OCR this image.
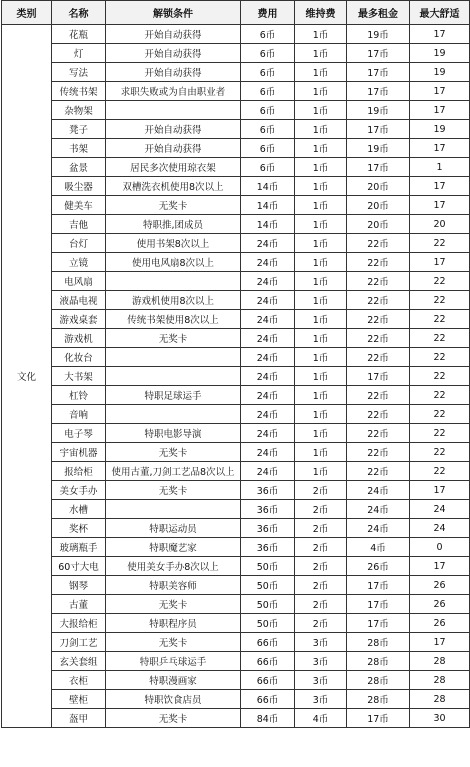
类别	名称	解锁条件	费用	维持费	最多租金	最大舒适
文化	花瓶	开始自动获得	6币	1币	19币	17
	灯	开始自动获得	6币	1币	17币	19
	写法	开始自动获得	6币	1币	17币	19
	传统书架	求职失败或为自由职业者	6币	1币	17币	17
	杂物架		6币	1币	19币	17
	凳子	开始自动获得	6币	1币	17币	19
	书架	开始自动获得	6币	1币	19币	17
	盆景	居民多次使用琼衣架	6币	1币	17币	1
	吸尘器	双槽洗衣机使用8次以上	14币	1币	20币	17
	健美车	无奖卡	14币	1币	20币	17
	吉他	特职推,团成员	14币	1币	20币	20
	台灯	使用书架8次以上	24币	1币	22币	22
	立镜	使用电风扇8次以上	24币	1币	22币	17
	电风扇		24币	1币	22币	22
	液晶电视	游戏机使用8次以上	24币	1币	22币	22
	游戏桌套	传统书架使用8次以上	24币	1币	22币	22
	游戏机	无奖卡	24币	1币	22币	22
	化妆台		24币	1币	22币	22
	大书架		24币	1币	17币	22
	杠铃	特职足球运手	24币	1币	22币	22
	音响		24币	1币	22币	22
	电子琴	特职电影导演	24币	1币	22币	22
	宇宙机器	无奖卡	24币	1币	22币	22
	报给柜	使用古董,刀剑工艺品8次以上	24币	1币	22币	22
	美女手办	无奖卡	36币	2币	24币	17
	水槽		36币	2币	24币	24
	奖杯	特职运动员	36币	2币	24币	24
	玻璃瓶手	特职魔艺家	36币	2币	4币	0
	60寸大电	使用美女手办8次以上	50币	2币	26币	17
	钢琴	特职美容师	50币	2币	17币	26
	古董	无奖卡	50币	2币	17币	26
	大报给柜	特职程序员	50币	2币	17币	26
	刀剑工艺	无奖卡	66币	3币	28币	17
	玄关套组	特职乒乓球运手	66币	3币	28币	28
	衣柜	特职漫画家	66币	3币	28币	28
	壁柜	特职饮食店员	66币	3币	28币	28
	盔甲	无奖卡	84币	4币	17币	30
